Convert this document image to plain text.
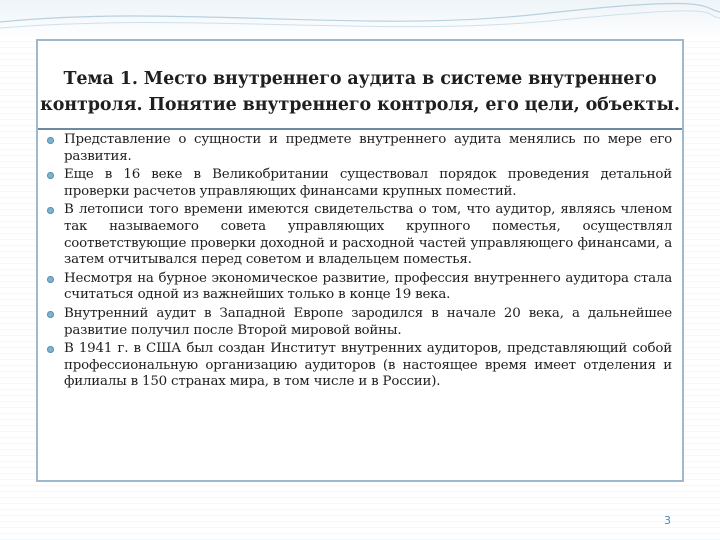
Тема 1. Место внутреннего аудита в системе внутреннего контроля. Понятие внутреннего контроля, его цели, объекты.
Представление о сущности и предмете внутреннего аудита менялись по мере его развития.
Еще в 16 веке в Великобритании существовал порядок проведения детальной проверки расчетов управляющих финансами крупных поместий.
В летописи того времени имеются свидетельства о том, что аудитор, являясь членом так называемого совета управляющих крупного поместья, осуществлял соответствующие проверки доходной и расходной частей управляющего финансами, а затем отчитывался перед советом и владельцем поместья.
Несмотря на бурное экономическое развитие, профессия внутреннего аудитора стала считаться одной из важнейших только в конце 19 века.
Внутренний аудит в Западной Европе зародился в начале 20 века, а дальнейшее развитие получил после Второй мировой войны.
В 1941 г. в США был создан Институт внутренних аудиторов, представляющий собой профессиональную организацию аудиторов (в настоящее время имеет отделения и филиалы в 150 странах мира, в том числе и в России).
3
